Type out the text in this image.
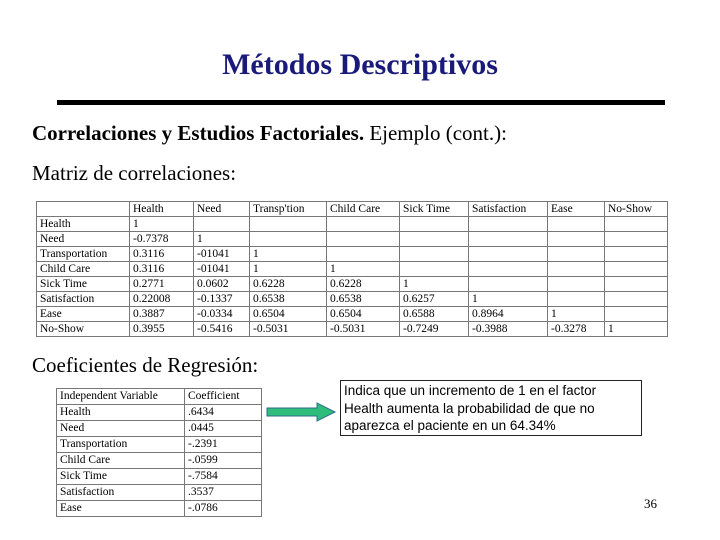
Métodos Descriptivos
Correlaciones y Estudios Factoriales. Ejemplo (cont.):
Matriz de correlaciones:
	Health	Need	Transp'tion	Child Care	Sick Time	Satisfaction	Ease	No-Show
Health	1							
Need	-0.7378	1						
Transportation	0.3116	-01041	1					
Child Care	0.3116	-01041	1	1				
Sick Time	0.2771	0.0602	0.6228	0.6228	1			
Satisfaction	0.22008	-0.1337	0.6538	0.6538	0.6257	1		
Ease	0.3887	-0.0334	0.6504	0.6504	0.6588	0.8964	1	
No-Show	0.3955	-0.5416	-0.5031	-0.5031	-0.7249	-0.3988	-0.3278	1
Coeficientes de Regresión:
Independent Variable	Coefficient
Health	.6434
Need	.0445
Transportation	-.2391
Child Care	-.0599
Sick Time	-.7584
Satisfaction	.3537
Ease	-.0786
Indica que un incremento de 1 en el factor Health aumenta la probabilidad de que no aparezca el paciente en un 64.34%
36
